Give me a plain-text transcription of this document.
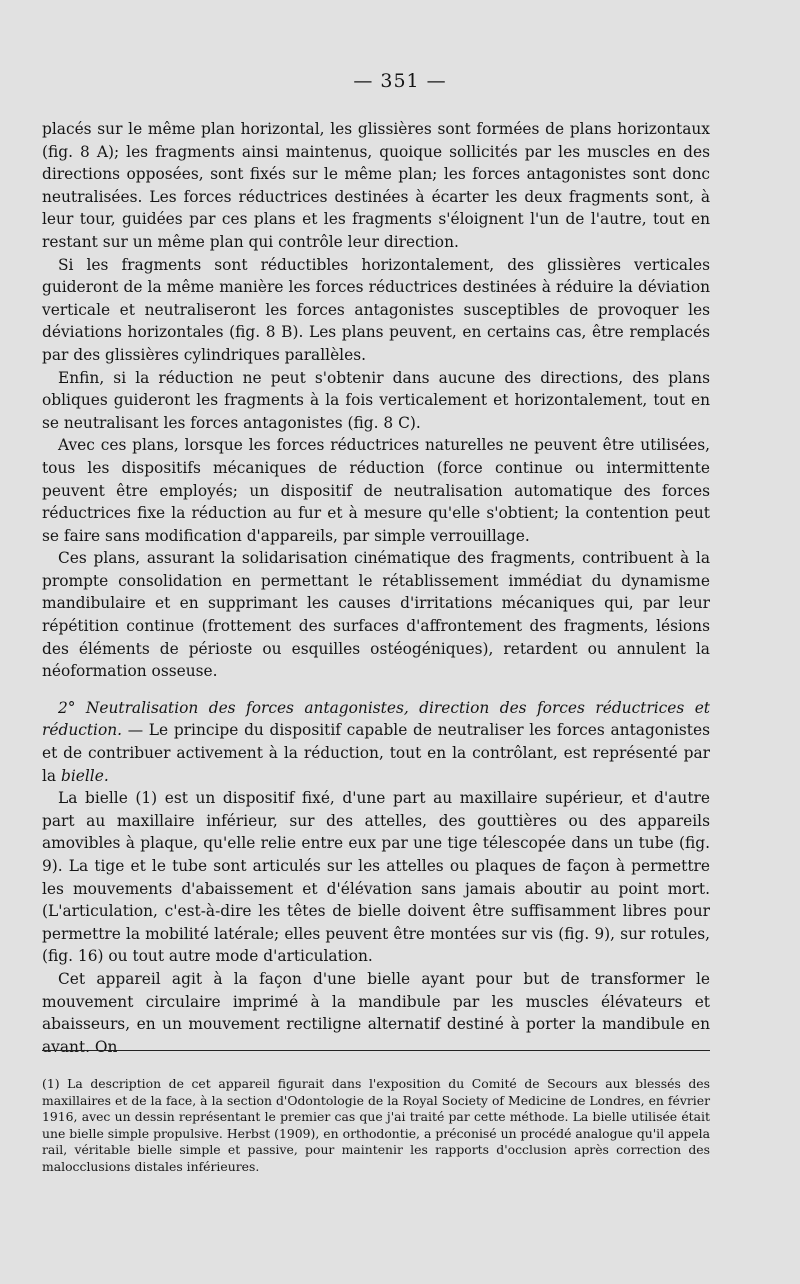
— 351 —

placés sur le même plan horizontal, les glissières sont formées de plans horizontaux (fig. 8 A); les fragments ainsi maintenus, quoique sollicités par les muscles en des directions opposées, sont fixés sur le même plan; les forces antagonistes sont donc neutralisées. Les forces réductrices destinées à écarter les deux fragments sont, à leur tour, guidées par ces plans et les fragments s'éloignent l'un de l'autre, tout en restant sur un même plan qui contrôle leur direction.

Si les fragments sont réductibles horizontalement, des glissières verticales guideront de la même manière les forces réductrices destinées à réduire la déviation verticale et neutraliseront les forces antagonistes susceptibles de provoquer les déviations horizontales (fig. 8 B). Les plans peuvent, en certains cas, être remplacés par des glissières cylindriques parallèles.

Enfin, si la réduction ne peut s'obtenir dans aucune des directions, des plans obliques guideront les fragments à la fois verticalement et horizontalement, tout en se neutralisant les forces antagonistes (fig. 8 C).

Avec ces plans, lorsque les forces réductrices naturelles ne peuvent être utilisées, tous les dispositifs mécaniques de réduction (force continue ou intermittente peuvent être employés; un dispositif de neutralisation automatique des forces réductrices fixe la réduction au fur et à mesure qu'elle s'obtient; la contention peut se faire sans modification d'appareils, par simple verrouillage.

Ces plans, assurant la solidarisation cinématique des fragments, contribuent à la prompte consolidation en permettant le rétablissement immédiat du dynamisme mandibulaire et en supprimant les causes d'irritations mécaniques qui, par leur répétition continue (frottement des surfaces d'affrontement des fragments, lésions des éléments de périoste ou esquilles ostéogéniques), retardent ou annulent la néoformation osseuse.

2° Neutralisation des forces antagonistes, direction des forces réductrices et réduction. — Le principe du dispositif capable de neutraliser les forces antagonistes et de contribuer activement à la réduction, tout en la contrôlant, est représenté par la bielle.

La bielle (1) est un dispositif fixé, d'une part au maxillaire supérieur, et d'autre part au maxillaire inférieur, sur des attelles, des gouttières ou des appareils amovibles à plaque, qu'elle relie entre eux par une tige télescopée dans un tube (fig. 9). La tige et le tube sont articulés sur les attelles ou plaques de façon à permettre les mouvements d'abaissement et d'élévation sans jamais aboutir au point mort. (L'articulation, c'est-à-dire les têtes de bielle doivent être suffisamment libres pour permettre la mobilité latérale; elles peuvent être montées sur vis (fig. 9), sur rotules, (fig. 16) ou tout autre mode d'articulation.

Cet appareil agit à la façon d'une bielle ayant pour but de transformer le mouvement circulaire imprimé à la mandibule par les muscles élévateurs et abaisseurs, en un mouvement rectiligne alternatif destiné à porter la mandibule en avant. On

(1) La description de cet appareil figurait dans l'exposition du Comité de Secours aux blessés des maxillaires et de la face, à la section d'Odontologie de la Royal Society of Medicine de Londres, en février 1916, avec un dessin représentant le premier cas que j'ai traité par cette méthode. La bielle utilisée était une bielle simple propulsive. Herbst (1909), en orthodontie, a préconisé un procédé analogue qu'il appela rail, véritable bielle simple et passive, pour maintenir les rapports d'occlusion après correction des malocclusions distales inférieures.
